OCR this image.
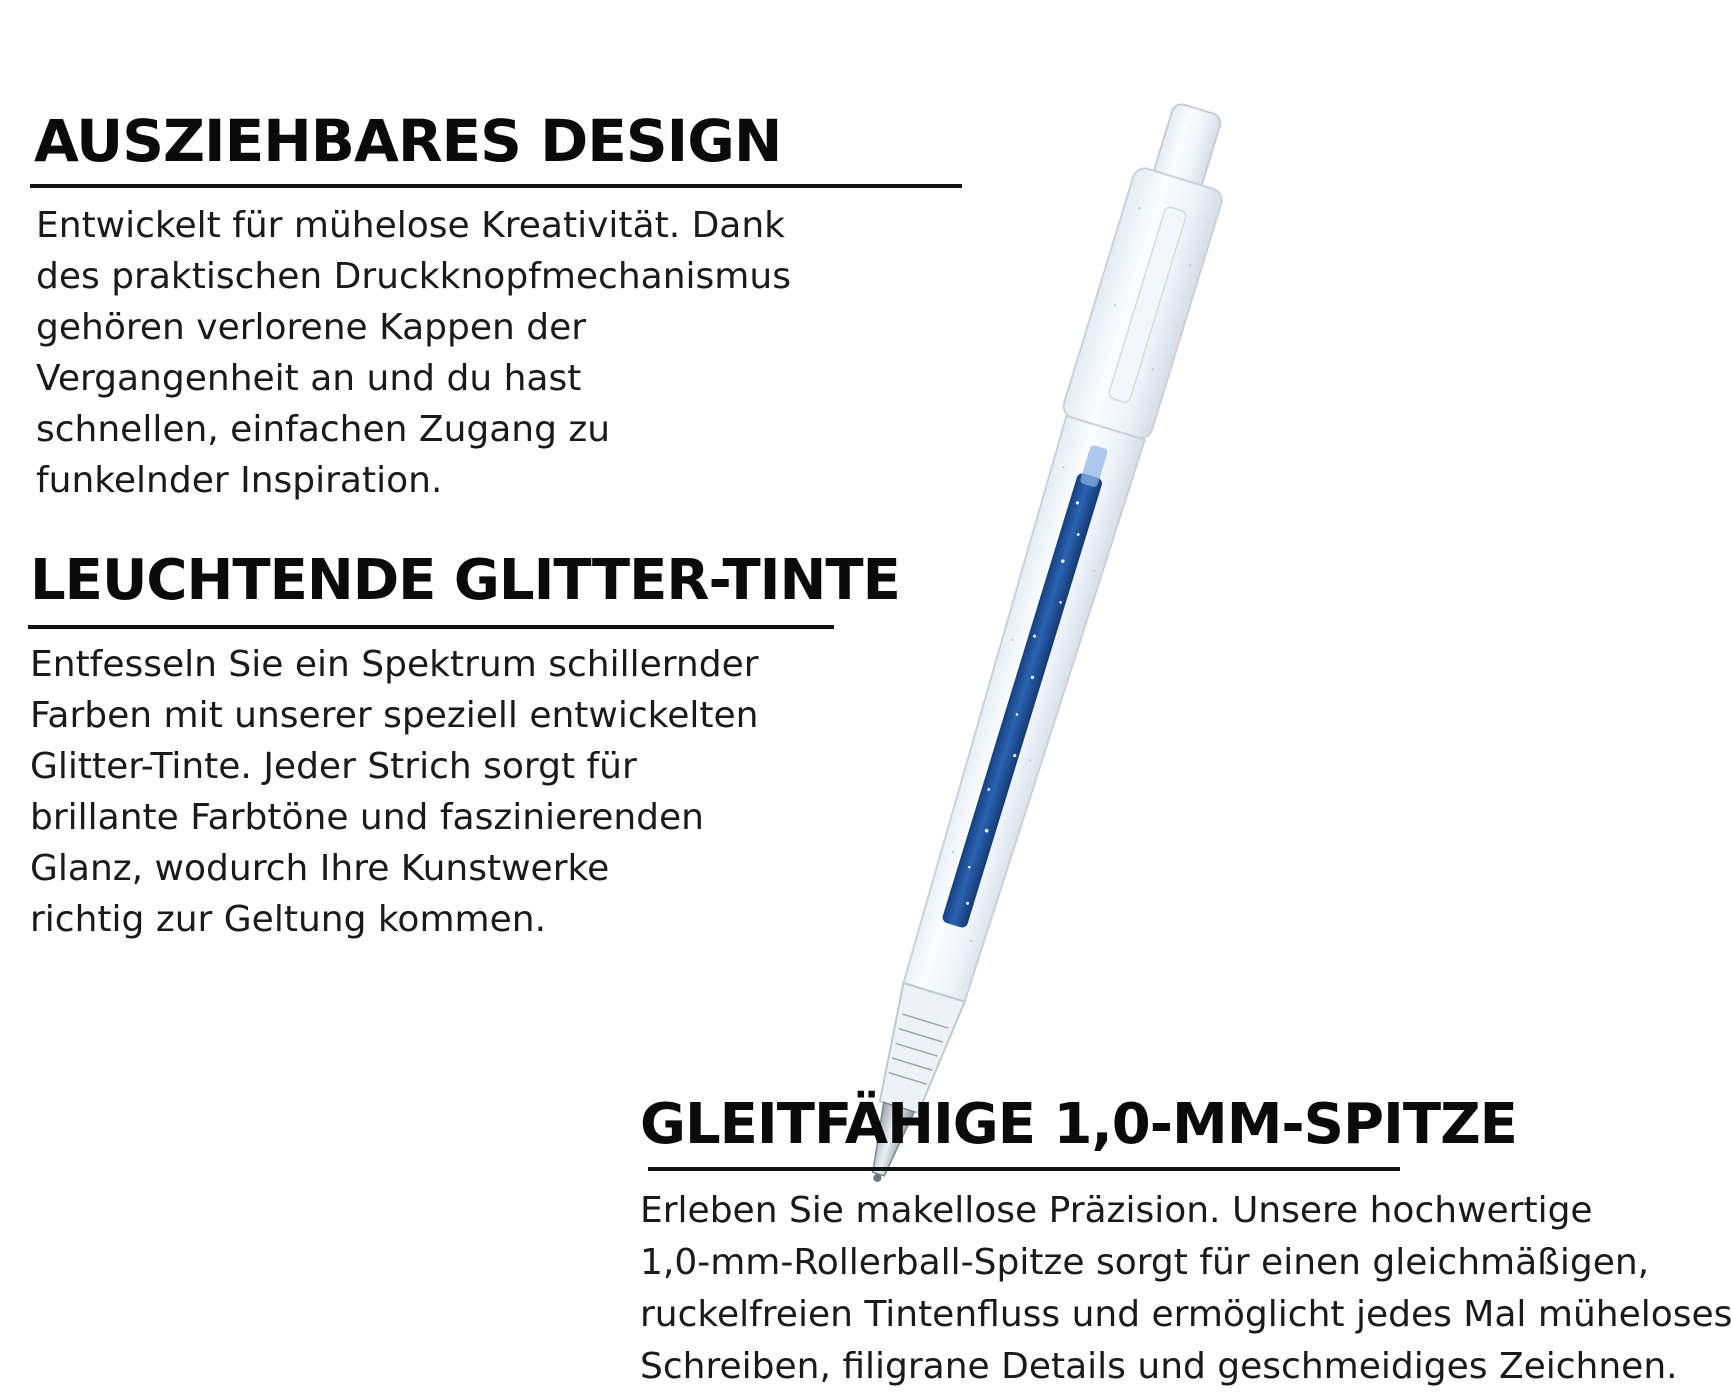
AUSZIEHBARES DESIGN

Entwickelt für mühelose Kreativität. Dank
des praktischen Druckknopfmechanismus
gehören verlorene Kappen der
Vergangenheit an und du hast
schnellen, einfachen Zugang zu
funkelnder Inspiration.

LEUCHTENDE GLITTER-TINTE

Entfesseln Sie ein Spektrum schillernder
Farben mit unserer speziell entwickelten
Glitter-Tinte. Jeder Strich sorgt für
brillante Farbtöne und faszinierenden
Glanz, wodurch Ihre Kunstwerke
richtig zur Geltung kommen.

GLEITFÄHIGE 1,0-MM-SPITZE

Erleben Sie makellose Präzision. Unsere hochwertige
1,0-mm-Rollerball-Spitze sorgt für einen gleichmäßigen,
ruckelfreien Tintenfluss und ermöglicht jedes Mal müheloses
Schreiben, filigrane Details und geschmeidiges Zeichnen.
